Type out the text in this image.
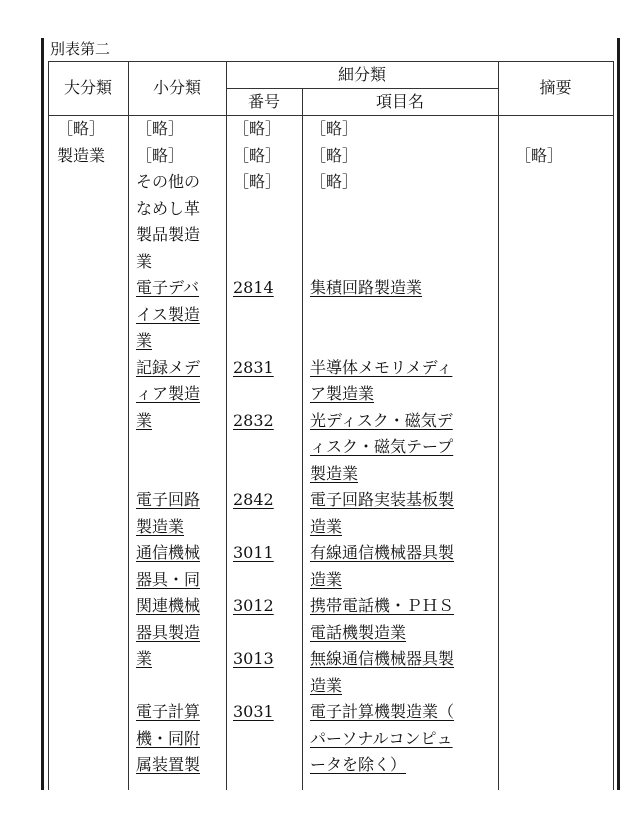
別表第二
大分類	小分類
細分類
番号	項目名
摘要
［略］
製造業
［略］
［略］
その他の
なめし革
製品製造
業
電子デバ
イス製造
業
記録メデ
ィア製造
業
電子回路
製造業
通信機械
器具・同
関連機械
器具製造
業
電子計算
機・同附
属装置製
［略］
［略］
［略］
2814
2831
2832
2842
3011
3012
3013
3031
［略］
［略］
［略］
集積回路製造業
半導体メモリメディ
ア製造業
光ディスク・磁気デ
ィスク・磁気テープ
製造業
電子回路実装基板製
造業
有線通信機械器具製
造業
携帯電話機・ＰＨＳ
電話機製造業
無線通信機械器具製
造業
電子計算機製造業（
パーソナルコンピュ
ータを除く）
［略］
